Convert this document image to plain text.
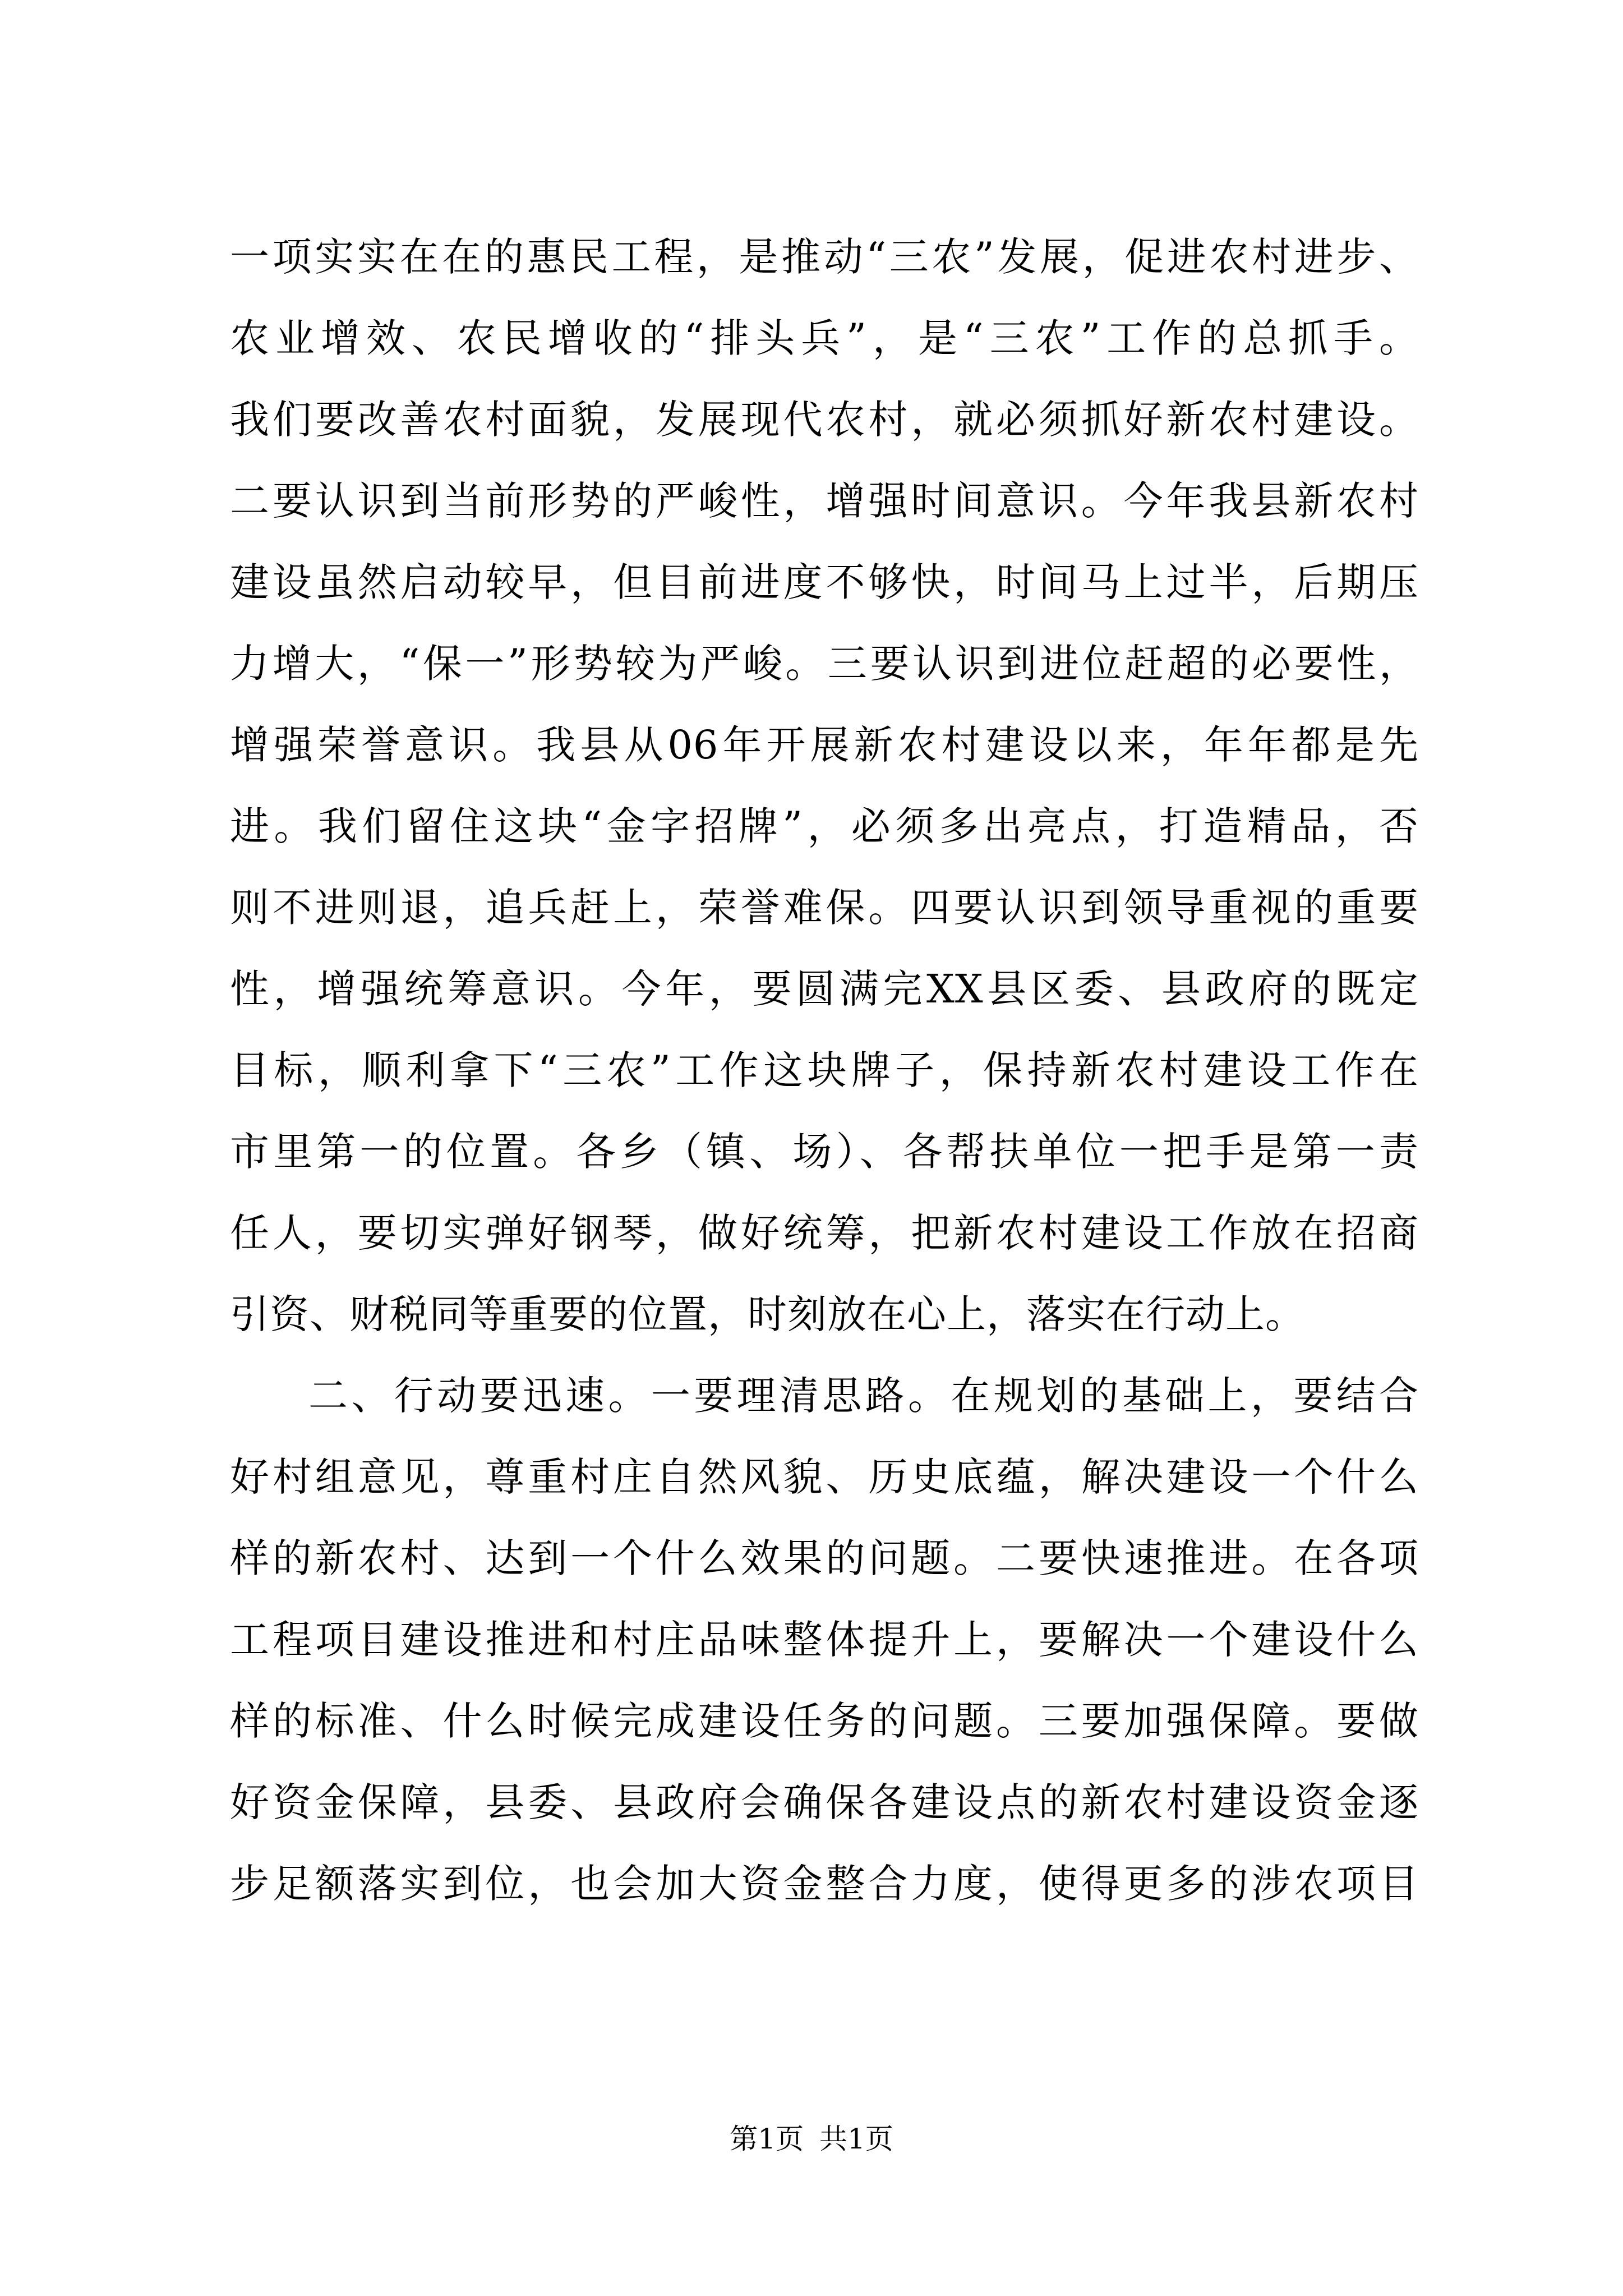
一项实实在在的惠民工程，是推动“三农”发展，促进农村进步、
农业增效、农民增收的“排头兵”，是“三农”工作的总抓手。
我们要改善农村面貌，发展现代农村，就必须抓好新农村建设。
二要认识到当前形势的严峻性，增强时间意识。今年我县新农村
建设虽然启动较早，但目前进度不够快，时间马上过半，后期压
力增大，“保一”形势较为严峻。三要认识到进位赶超的必要性，
增强荣誉意识。我县从06年开展新农村建设以来，年年都是先
进。我们留住这块“金字招牌”，必须多出亮点，打造精品，否
则不进则退，追兵赶上，荣誉难保。四要认识到领导重视的重要
性，增强统筹意识。今年，要圆满完XX县区委、县政府的既定
目标，顺利拿下“三农”工作这块牌子，保持新农村建设工作在
市里第一的位置。各乡（镇、场）、各帮扶单位一把手是第一责
任人，要切实弹好钢琴，做好统筹，把新农村建设工作放在招商
引资、财税同等重要的位置，时刻放在心上，落实在行动上。
二、行动要迅速。一要理清思路。在规划的基础上，要结合
好村组意见，尊重村庄自然风貌、历史底蕴，解决建设一个什么
样的新农村、达到一个什么效果的问题。二要快速推进。在各项
工程项目建设推进和村庄品味整体提升上，要解决一个建设什么
样的标准、什么时候完成建设任务的问题。三要加强保障。要做
好资金保障，县委、县政府会确保各建设点的新农村建设资金逐
步足额落实到位，也会加大资金整合力度，使得更多的涉农项目
第1页 共1页
